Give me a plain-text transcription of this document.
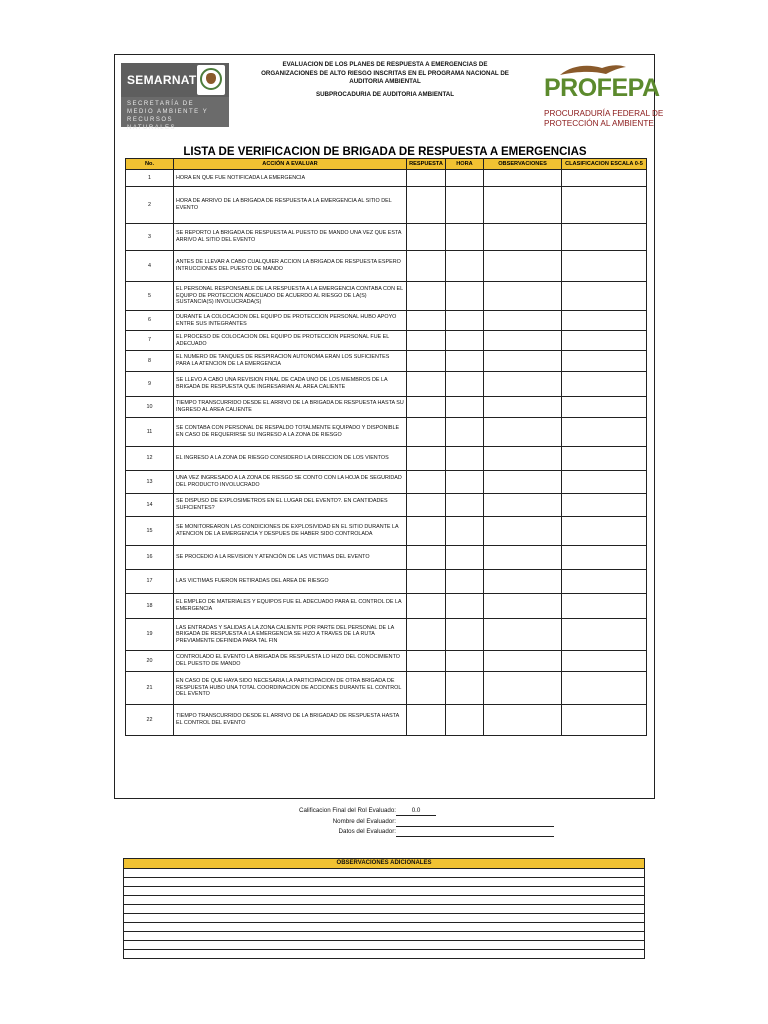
SEMARNAT
SECRETARÍA DE
MEDIO AMBIENTE Y
RECURSOS NATURALES
EVALUACION DE LOS PLANES DE RESPUESTA A EMERGENCIAS DE
ORGANIZACIONES DE ALTO RIESGO INSCRITAS EN EL PROGRAMA NACIONAL DE
AUDITORIA AMBIENTAL
SUBPROCADURIA DE AUDITORIA AMBIENTAL	PROFEPA
PROCURADURÍA FEDERAL DE
PROTECCIÓN AL AMBIENTE
LISTA DE VERIFICACION DE BRIGADA DE RESPUESTA A EMERGENCIAS
No.	ACCIÓN A EVALUAR	RESPUESTA	HORA	OBSERVACIONES	CLASIFICACION ESCALA 0-5
1	HORA EN QUE FUE NOTIFICADA LA EMERGENCIA				
2	HORA DE ARRIVO DE LA BRIGADA DE RESPUESTA A LA EMERGENCIA AL SITIO DEL EVENTO				
3	SE REPORTO LA BRIGADA DE RESPUESTA AL PUESTO DE MANDO UNA VEZ QUE ESTA ARRIVO AL SITIO DEL EVENTO				
4	ANTES DE LLEVAR A CABO CUALQUIER ACCION LA BRIGADA DE RESPUESTA ESPERO INTRUCCIONES DEL PUESTO DE MANDO				
5	EL PERSONAL RESPONSABLE DE LA RESPUESTA A LA EMERGENCIA CONTABA CON EL EQUIPO DE PROTECCION ADECUADO DE ACUERDO AL RIESGO DE LA(S) SUSTANCIA(S) INVOLUCRADA(S)				
6	DURANTE LA COLOCACION DEL EQUIPO DE PROTECCION PERSONAL HUBO APOYO ENTRE SUS INTEGRANTES				
7	EL PROCESO DE COLOCACION DEL EQUIPO DE PROTECCION PERSONAL FUE EL ADECUADO				
8	EL NUMERO DE TANQUES DE RESPIRACION AUTONOMA ERAN LOS SUFICIENTES PARA LA ATENCION DE LA EMERGENCIA				
9	SE LLEVO A CABO UNA REVISION FINAL DE CADA UNO DE LOS MIEMBROS DE LA BRIGADA DE RESPUESTA QUE INGRESARIAN AL AREA CALIENTE				
10	TIEMPO TRANSCURRIDO DESDE EL ARRIVO DE LA BRIGADA DE RESPUESTA HASTA SU INGRESO AL AREA CALIENTE				
11	SE CONTABA CON PERSONAL DE RESPALDO TOTALMENTE EQUIPADO Y DISPONIBLE EN CASO DE REQUERIRSE SU INGRESO A LA ZONA DE RIESGO				
12	EL INGRESO A LA ZONA DE RIESGO CONSIDERO LA DIRECCION DE LOS VIENTOS				
13	UNA VEZ INGRESADO A LA ZONA DE RIESGO SE CONTO CON LA HOJA DE SEGURIDAD DEL PRODUCTO INVOLUCRADO				
14	SE DISPUSO DE EXPLOSIMETROS EN EL LUGAR DEL EVENTO?. EN CANTIDADES SUFICIENTES?				
15	SE MONITOREARON LAS CONDICIONES DE EXPLOSIVIDAD EN EL SITIO DURANTE LA ATENCION DE LA EMERGENCIA Y DESPUES DE HABER SIDO CONTROLADA				
16	SE PROCEDIO A LA REVISION Y ATENCIÓN DE LAS VICTIMAS DEL EVENTO				
17	LAS VICTIMAS FUERON RETIRADAS DEL AREA DE RIESGO				
18	EL EMPLEO DE MATERIALES Y EQUIPOS FUE EL ADECUADO PARA EL CONTROL DE LA EMERGENCIA				
19	LAS ENTRADAS Y SALIDAS A LA ZONA CALIENTE POR PARTE DEL PERSONAL DE LA BRIGADA DE RESPUESTA A LA EMERGENCIA SE HIZO A TRAVES DE LA RUTA PREVIAMENTE DEFINIDA PARA TAL FIN				
20	CONTROLADO EL EVENTO LA BRIGADA DE RESPUESTA LO HIZO DEL CONOCIMIENTO DEL PUESTO DE MANDO				
21	EN CASO DE QUE HAYA SIDO NECESARIA LA PARTICIPACION DE OTRA BRIGADA DE RESPUESTA HUBO UNA TOTAL COORDINACION DE ACCIONES DURANTE EL CONTROL DEL EVENTO				
22	TIEMPO TRANSCURRIDO DESDE EL ARRIVO DE LA BRIGADAD DE RESPUESTA HASTA EL CONTROL DEL EVENTO				
Calificacion Final del Rol Evaluado:	0.0
Nombre del Evaluador:
Datos del Evaluador:
OBSERVACIONES ADICIONALES
